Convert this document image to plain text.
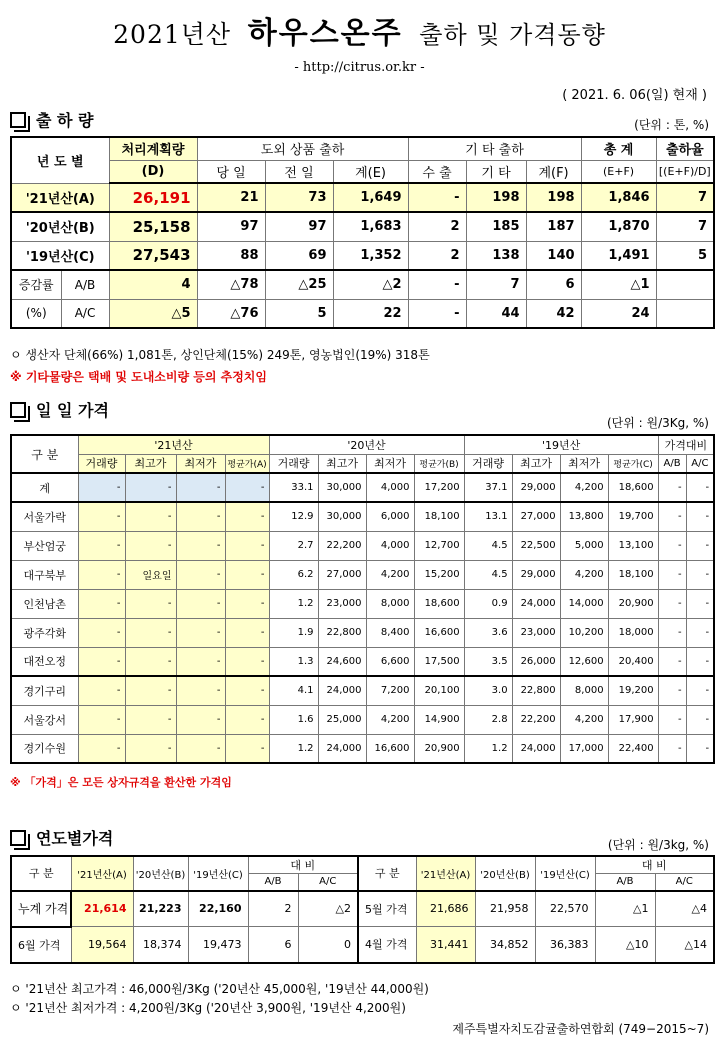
2021년산 하우스온주 출하 및 가격동향
- http://citrus.or.kr -
( 2021. 6. 06(일) 현재 )
출 하 량	(단위 : 톤, %)
년 도 별		처리계획량	도외 상품 출하			기 타 출하			총 계	출하율
		(D)	당 일	전 일	계(E)	수 출	기 타	계(F)	(E+F)	[(E+F)/D]
'21년산(A)		26,191	21	73	1,649	-	198	198	1,846	7
'20년산(B)		25,158	97	97	1,683	2	185	187	1,870	7
'19년산(C)		27,543	88	69	1,352	2	138	140	1,491	5
증감률	A/B	4	△78	△25	△2	-	7	6	△1	
(%)	A/C	△5	△76	5	22	-	44	42	24	
ㅇ 생산자 단체(66%) 1,081톤, 상인단체(15%) 249톤, 영농법인(19%) 318톤
※ 기타물량은 택배 및 도내소비량 등의 추정치임
일 일 가격
(단위 : 원/3Kg, %)
구 분	'21년산				'20년산				'19년산				가격대비	
	거래량	최고가	최저가	평균가(A)	거래량	최고가	최저가	평균가(B)	거래량	최고가	최저가	평균가(C)	A/B	A/C
계	-	-	-	-	33.1	30,000	4,000	17,200	37.1	29,000	4,200	18,600	-	-
서울가락	-	-	-	-	12.9	30,000	6,000	18,100	13.1	27,000	13,800	19,700	-	-
부산엄궁	-	-	-	-	2.7	22,200	4,000	12,700	4.5	22,500	5,000	13,100	-	-
대구북부	-	일요일	-	-	6.2	27,000	4,200	15,200	4.5	29,000	4,200	18,100	-	-
인천남촌	-	-	-	-	1.2	23,000	8,000	18,600	0.9	24,000	14,000	20,900	-	-
광주각화	-	-	-	-	1.9	22,800	8,400	16,600	3.6	23,000	10,200	18,000	-	-
대전오정	-	-	-	-	1.3	24,600	6,600	17,500	3.5	26,000	12,600	20,400	-	-
경기구리	-	-	-	-	4.1	24,000	7,200	20,100	3.0	22,800	8,000	19,200	-	-
서울강서	-	-	-	-	1.6	25,000	4,200	14,900	2.8	22,200	4,200	17,900	-	-
경기수원	-	-	-	-	1.2	24,000	16,600	20,900	1.2	24,000	17,000	22,400	-	-
※ 「가격」은 모든 상자규격을 환산한 가격임
연도별가격	(단위 : 원/3kg, %)
구 분	'21년산(A)	'20년산(B)	'19년산(C)	대 비		구 분	'21년산(A)	'20년산(B)	'19년산(C)	대 비	
				A/B	A/C					A/B	A/C
누계 가격	21,614	21,223	22,160	2	△2	5월 가격	21,686	21,958	22,570	△1	△4
6월 가격	19,564	18,374	19,473	6	0	4월 가격	31,441	34,852	36,383	△10	△14
ㅇ '21년산 최고가격 : 46,000원/3Kg ('20년산 45,000원, '19년산 44,000원)
ㅇ '21년산 최저가격 : 4,200원/3Kg ('20년산 3,900원, '19년산 4,200원)
제주특별자치도감귤출하연합회 (749−2015~7)
